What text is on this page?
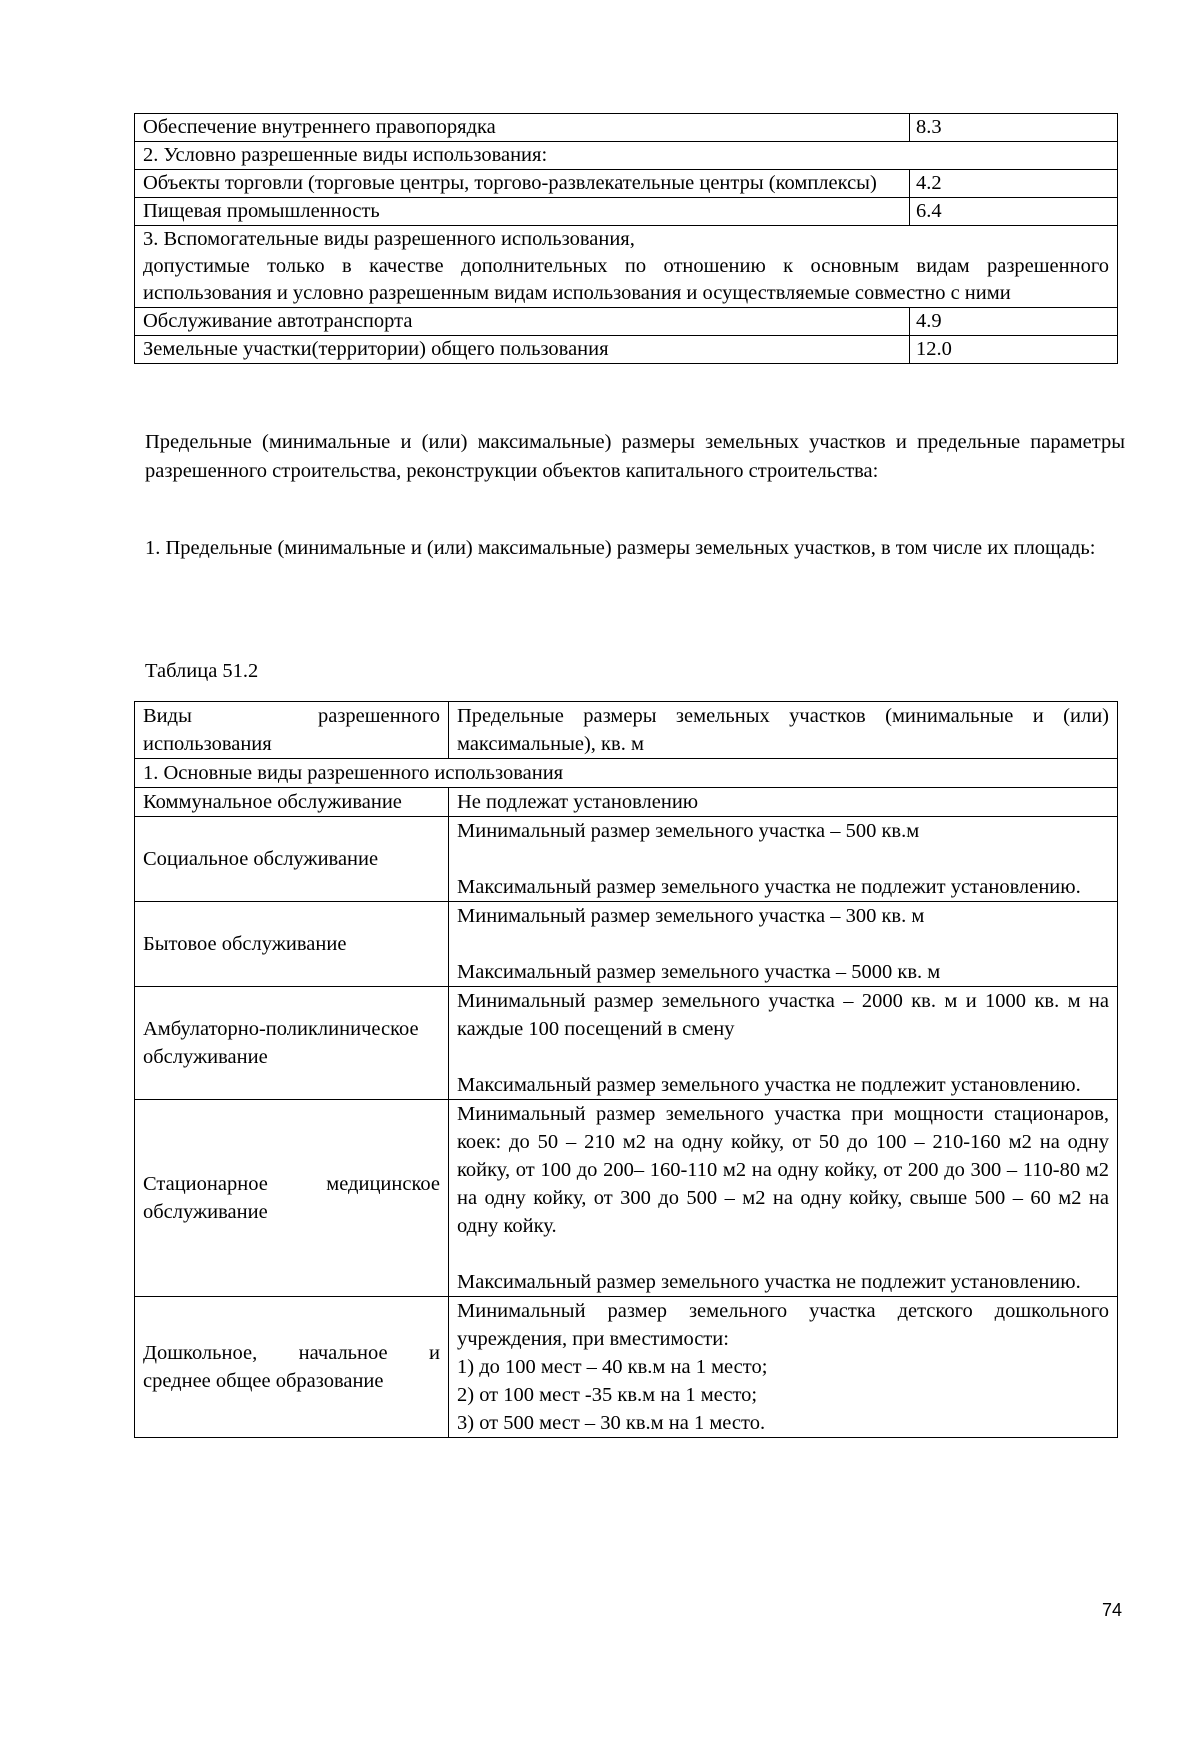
Обеспечение внутреннего правопорядка	8.3
2. Условно разрешенные виды использования:	
Объекты торговли (торговые центры, торгово-развлекательные центры (комплексы)	4.2
Пищевая промышленность	6.4

3. Вспомогательные виды разрешенного использования,
допустимые только в качестве дополнительных по отношению к основным видам разрешенного использования и условно разрешенным видам использования и осуществляемые совместно с ними	

Обслуживание автотранспорта	4.9
Земельные участки(территории) общего пользования	12.0

Предельные (минимальные и (или) максимальные) размеры земельных участков и предельные параметры разрешенного строительства, реконструкции объектов капитального строительства:

1. Предельные (минимальные и (или) максимальные) размеры земельных участков, в том числе их площадь:

Таблица 51.2

Виды разрешенного использования	Предельные размеры земельных участков (минимальные и (или) максимальные), кв. м
1. Основные виды разрешенного использования	
Коммунальное обслуживание	Не подлежат установлению
Социальное обслуживание	Минимальный размер земельного участка – 500 кв.м
Максимальный размер земельного участка не подлежит установлению.

Бытовое обслуживание	Минимальный размер земельного участка – 300 кв. м
Максимальный размер земельного участка – 5000 кв. м

Амбулаторно-поликлиническое обслуживание	Минимальный размер земельного участка – 2000 кв. м и 1000 кв. м на каждые 100 посещений в смену
Максимальный размер земельного участка не подлежит установлению.

Стационарное медицинское обслуживание	Минимальный размер земельного участка при мощности стационаров, коек: до 50 – 210 м2 на одну койку, от 50 до 100 – 210-160 м2 на одну койку, от 100 до 200– 160-110 м2 на одну койку, от 200 до 300 – 110-80 м2 на одну койку, от 300 до 500 – м2 на одну койку, свыше 500 – 60 м2 на одну койку.
Максимальный размер земельного участка не подлежит установлению.

Дошкольное, начальное и среднее общее образование	Минимальный размер земельного участка детского дошкольного учреждения, при вместимости:
1) до 100 мест – 40 кв.м на 1 место;
2) от 100 мест -35 кв.м на 1 место;
3) от 500 мест – 30 кв.м на 1 место.
74
